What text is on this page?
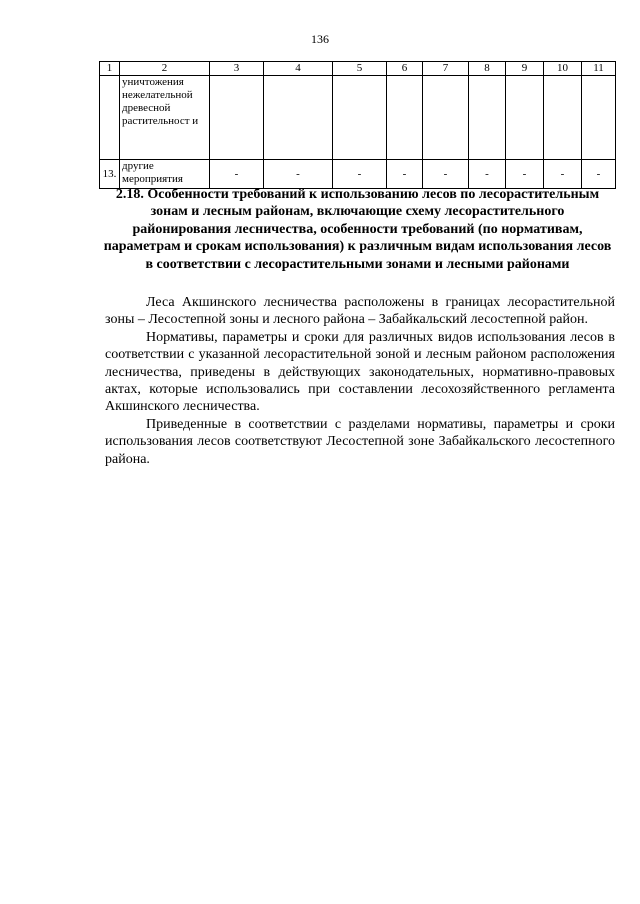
136
1	2	3	4	5	6	7	8	9	10	11
	уничтожения нежелательной древесной растительност и									
13.	другие мероприятия	-	-	-	-	-	-	-	-	-
2.18. Особенности требований к использованию лесов по лесорастительным зонам и лесным районам, включающие схему лесорастительного районирования лесничества, особенности требований (по нормативам, параметрам и срокам использования) к различным видам использования лесов в соответствии с лесорастительными зонами и лесными районами

Леса Акшинского лесничества расположены в границах лесорастительной зоны – Лесостепной зоны и лесного района – Забайкальский лесостепной район.

Нормативы, параметры и сроки для различных видов использования лесов в соответствии с указанной лесорастительной зоной и лесным районом расположения лесничества, приведены в действующих законодательных, нормативно-правовых актах, которые использовались при составлении лесохозяйственного регламента Акшинского лесничества.

Приведенные в соответствии с разделами нормативы, параметры и сроки использования лесов соответствуют Лесостепной зоне Забайкальского лесостепного района.
